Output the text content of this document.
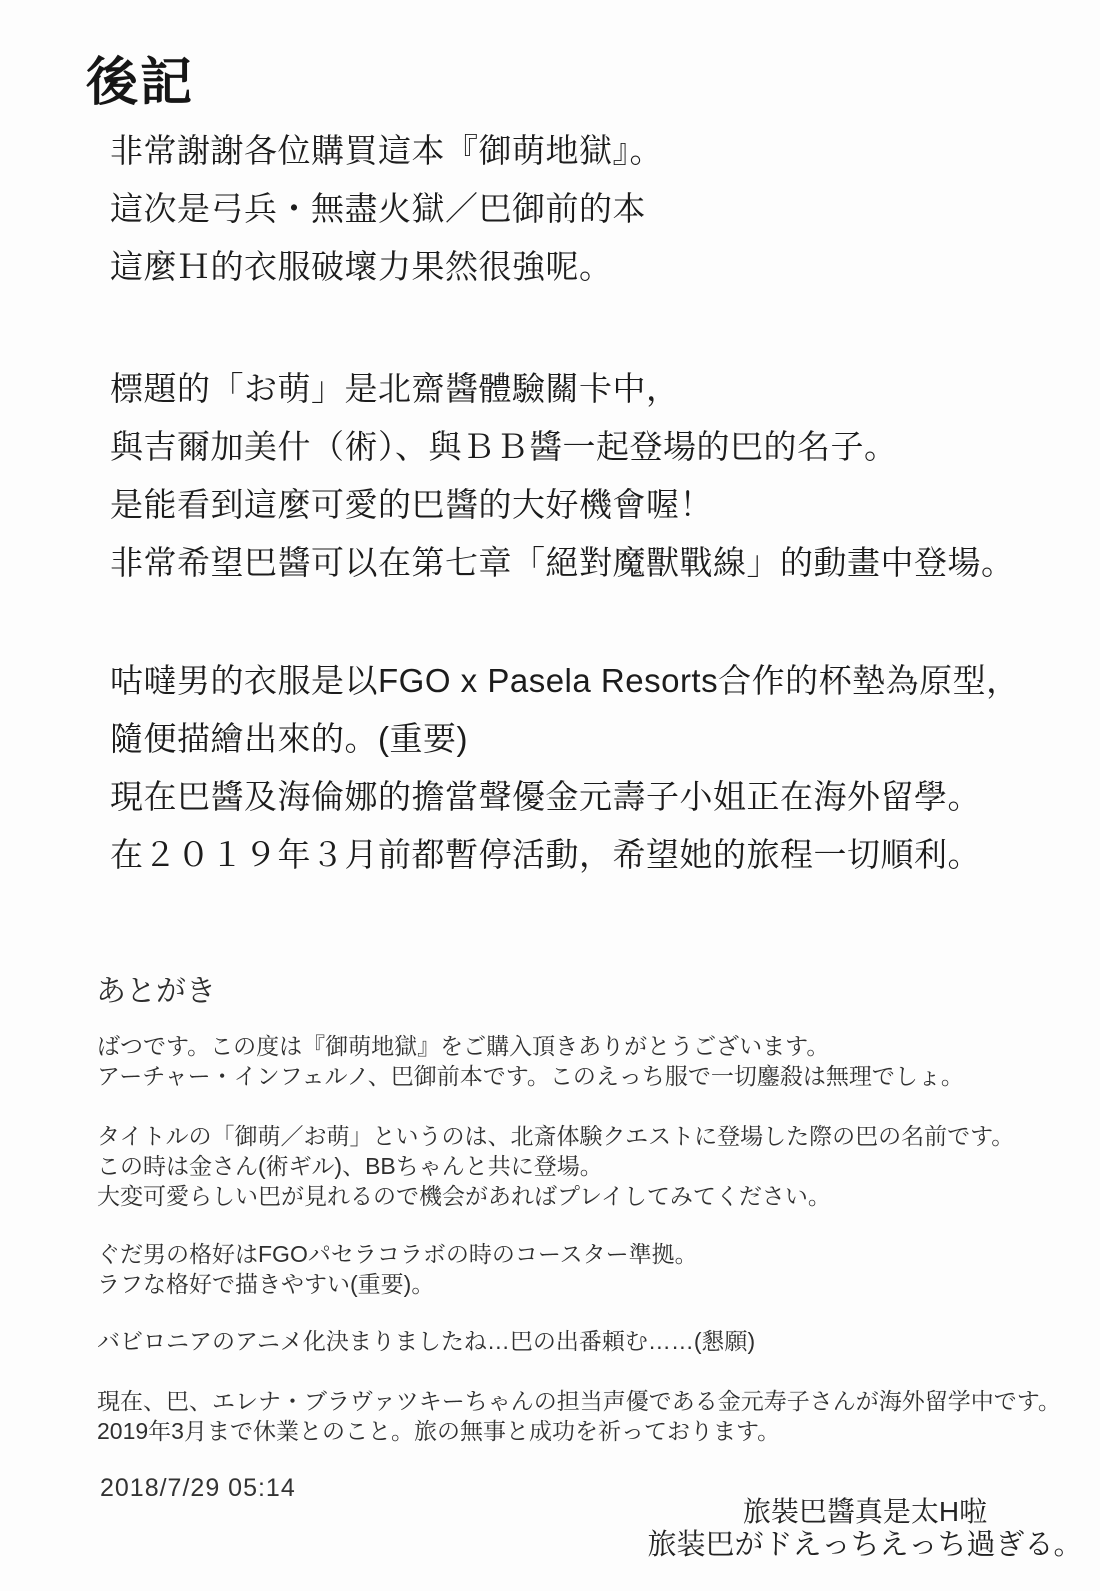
後記
非常謝謝各位購買這本『御萌地獄』。
這次是弓兵・無盡火獄／巴御前的本
這麼Ｈ的衣服破壞力果然很強呢。
標題的「お萌」是北齋醬體驗關卡中，
與吉爾加美什（術）、與ＢＢ醬一起登場的巴的名子。
是能看到這麼可愛的巴醬的大好機會喔！
非常希望巴醬可以在第七章「絕對魔獸戰線」的動畫中登場。
咕噠男的衣服是以FGO x Pasela Resorts合作的杯墊為原型，
隨便描繪出來的。(重要)
現在巴醬及海倫娜的擔當聲優金元壽子小姐正在海外留學。
在２０１９年３月前都暫停活動，希望她的旅程一切順利。
あとがき
ばつです。この度は『御萌地獄』をご購入頂きありがとうございます。
アーチャー・インフェルノ、巴御前本です。このえっち服で一切鏖殺は無理でしょ。
タイトルの「御萌／お萌」というのは、北斎体験クエストに登場した際の巴の名前です。
この時は金さん(術ギル)、BBちゃんと共に登場。
大変可愛らしい巴が見れるので機会があればプレイしてみてください。
ぐだ男の格好はFGOパセラコラボの時のコースター準拠。
ラフな格好で描きやすい(重要)。
バビロニアのアニメ化決まりましたね…巴の出番頼む……(懇願)
現在、巴、エレナ・ブラヴァツキーちゃんの担当声優である金元寿子さんが海外留学中です。
2019年3月まで休業とのこと。旅の無事と成功を祈っております。
2018/7/29 05:14
旅裝巴醬真是太H啦
旅装巴がドえっちえっち過ぎる。
